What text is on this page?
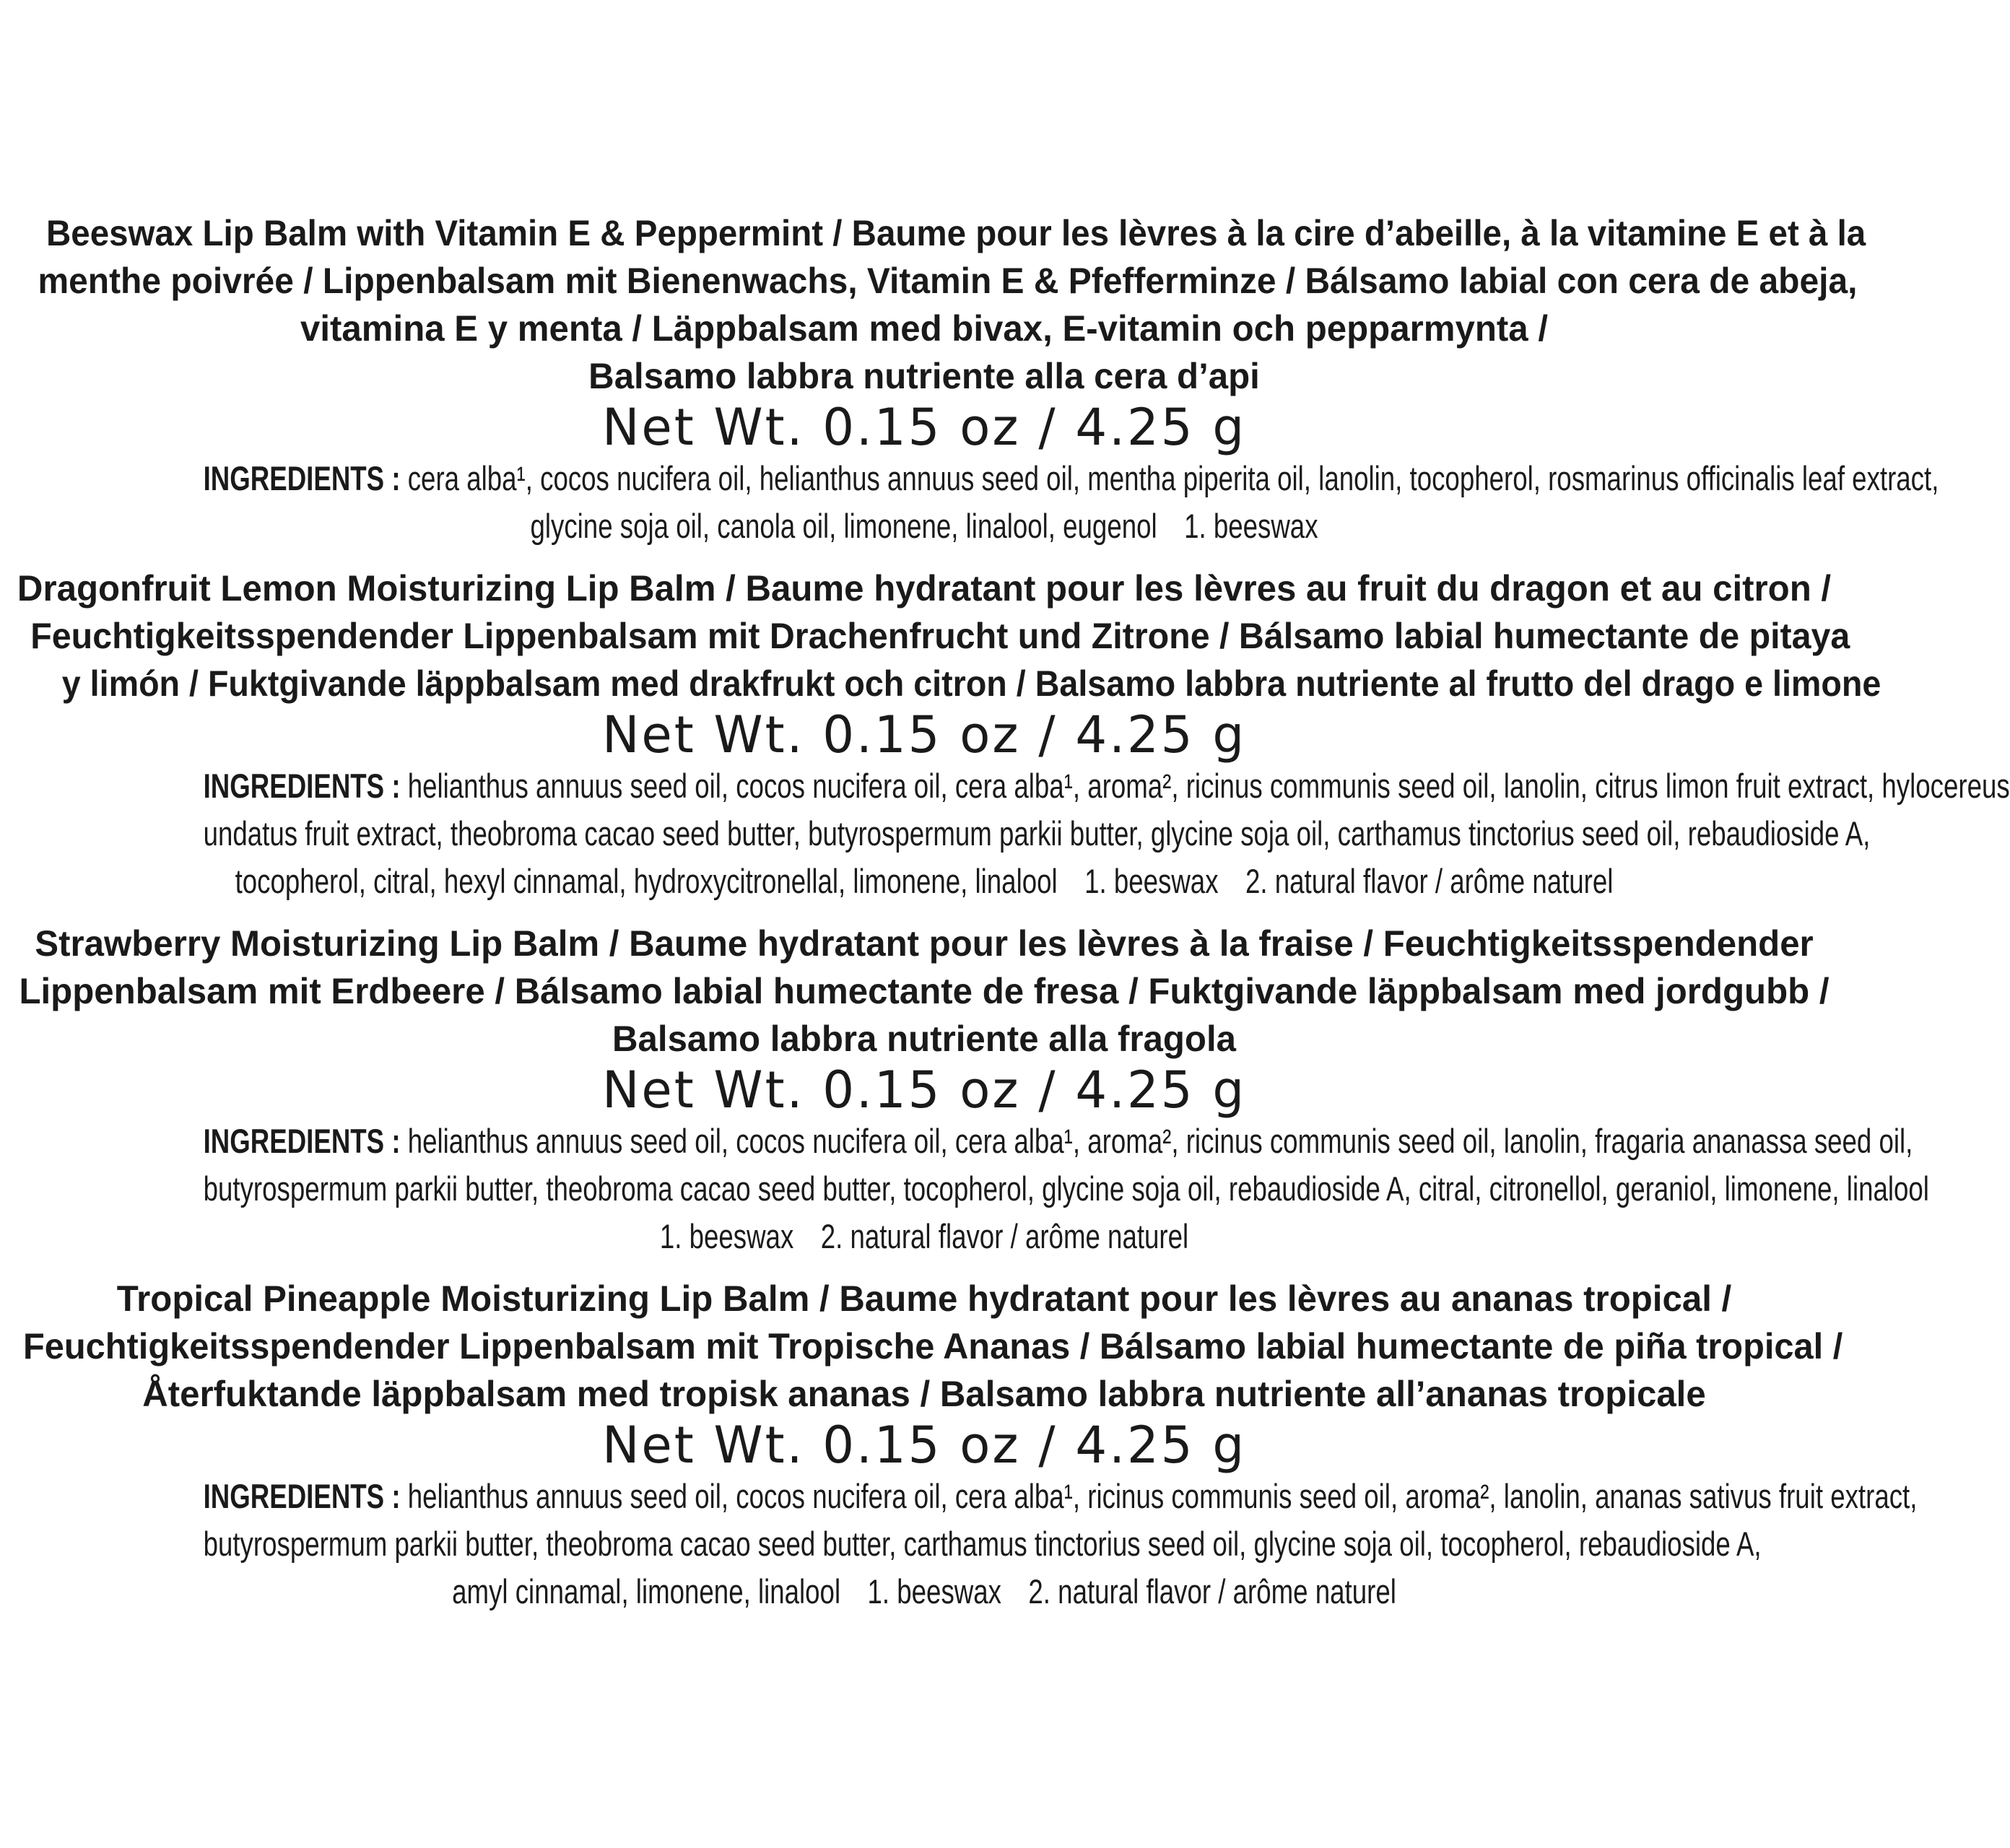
Beeswax Lip Balm with Vitamin E & Peppermint / Baume pour les lèvres à la cire d’abeille, à la vitamine E et à la
menthe poivrée / Lippenbalsam mit Bienenwachs, Vitamin E & Pfefferminze / Bálsamo labial con cera de abeja,
vitamina E y menta / Läppbalsam med bivax, E-vitamin och pepparmynta /
Balsamo labbra nutriente alla cera d’api
Net Wt. 0.15 oz / 4.25 g
INGREDIENTS : cera alba¹, cocos nucifera oil, helianthus annuus seed oil, mentha piperita oil, lanolin, tocopherol, rosmarinus officinalis leaf extract,
glycine soja oil, canola oil, limonene, linalool, eugenol 1. beeswax
Dragonfruit Lemon Moisturizing Lip Balm / Baume hydratant pour les lèvres au fruit du dragon et au citron /
Feuchtigkeitsspendender Lippenbalsam mit Drachenfrucht und Zitrone / Bálsamo labial humectante de pitaya
y limón / Fuktgivande läppbalsam med drakfrukt och citron / Balsamo labbra nutriente al frutto del drago e limone
Net Wt. 0.15 oz / 4.25 g
INGREDIENTS : helianthus annuus seed oil, cocos nucifera oil, cera alba¹, aroma², ricinus communis seed oil, lanolin, citrus limon fruit extract, hylocereus
undatus fruit extract, theobroma cacao seed butter, butyrospermum parkii butter, glycine soja oil, carthamus tinctorius seed oil, rebaudioside A,
tocopherol, citral, hexyl cinnamal, hydroxycitronellal, limonene, linalool 1. beeswax 2. natural flavor / arôme naturel
Strawberry Moisturizing Lip Balm / Baume hydratant pour les lèvres à la fraise / Feuchtigkeitsspendender
Lippenbalsam mit Erdbeere / Bálsamo labial humectante de fresa / Fuktgivande läppbalsam med jordgubb /
Balsamo labbra nutriente alla fragola
Net Wt. 0.15 oz / 4.25 g
INGREDIENTS : helianthus annuus seed oil, cocos nucifera oil, cera alba¹, aroma², ricinus communis seed oil, lanolin, fragaria ananassa seed oil,
butyrospermum parkii butter, theobroma cacao seed butter, tocopherol, glycine soja oil, rebaudioside A, citral, citronellol, geraniol, limonene, linalool
1. beeswax 2. natural flavor / arôme naturel
Tropical Pineapple Moisturizing Lip Balm / Baume hydratant pour les lèvres au ananas tropical /
Feuchtigkeitsspendender Lippenbalsam mit Tropische Ananas / Bálsamo labial humectante de piña tropical /
Återfuktande läppbalsam med tropisk ananas / Balsamo labbra nutriente all’ananas tropicale
Net Wt. 0.15 oz / 4.25 g
INGREDIENTS : helianthus annuus seed oil, cocos nucifera oil, cera alba¹, ricinus communis seed oil, aroma², lanolin, ananas sativus fruit extract,
butyrospermum parkii butter, theobroma cacao seed butter, carthamus tinctorius seed oil, glycine soja oil, tocopherol, rebaudioside A,
amyl cinnamal, limonene, linalool 1. beeswax 2. natural flavor / arôme naturel
